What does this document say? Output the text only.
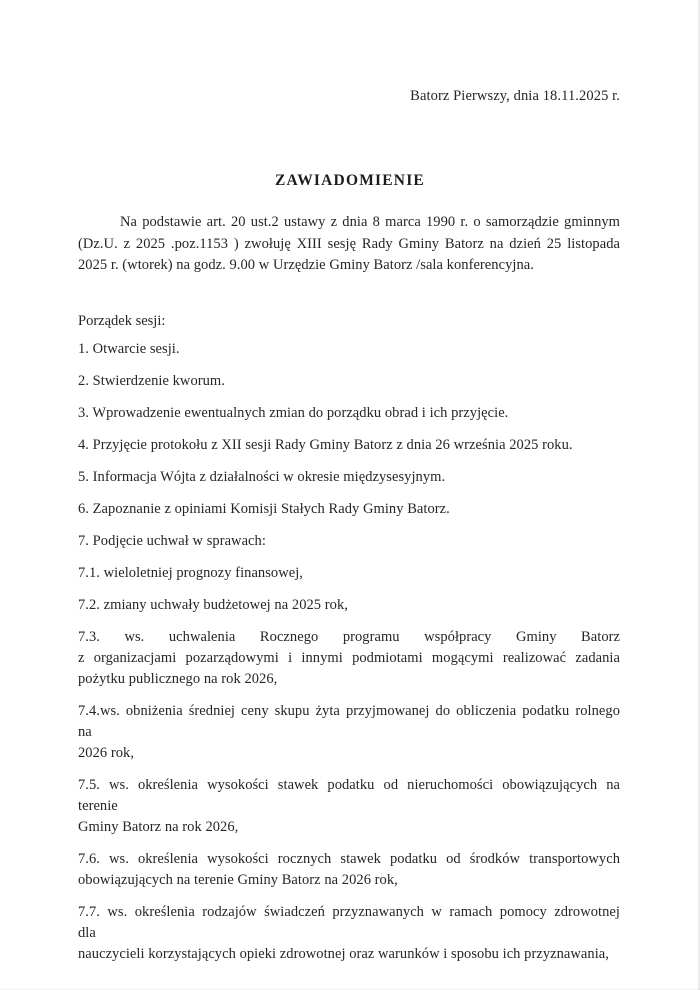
Batorz Pierwszy, dnia 18.11.2025 r.
ZAWIADOMIENIE
Na podstawie art. 20 ust.2 ustawy z dnia 8 marca 1990 r. o samorządzie gminnym (Dz.U. z 2025 .poz.1153 ) zwołuję XIII sesję Rady Gminy Batorz na dzień 25 listopada 2025 r. (wtorek) na godz. 9.00 w Urzędzie Gminy Batorz /sala konferencyjna.
Porządek sesji:
1. Otwarcie sesji.
2. Stwierdzenie kworum.
3. Wprowadzenie ewentualnych zmian do porządku obrad i ich przyjęcie.
4. Przyjęcie protokołu z XII sesji Rady Gminy Batorz z dnia 26 września 2025 roku.
5. Informacja Wójta z działalności w okresie międzysesyjnym.
6. Zapoznanie z opiniami Komisji Stałych Rady Gminy Batorz.
7. Podjęcie uchwał w sprawach:
7.1. wieloletniej prognozy finansowej,
7.2. zmiany uchwały budżetowej na 2025 rok,
7.3. ws. uchwalenia Rocznego programu współpracy Gminy Batorz
z organizacjami pozarządowymi i innymi podmiotami mogącymi realizować zadania pożytku publicznego na rok 2026,
7.4.ws. obniżenia średniej ceny skupu żyta przyjmowanej do obliczenia podatku rolnego na
2026 rok,
7.5. ws. określenia wysokości stawek podatku od nieruchomości obowiązujących na terenie
Gminy Batorz na rok 2026,
7.6. ws. określenia wysokości rocznych stawek podatku od środków transportowych
obowiązujących na terenie Gminy Batorz na 2026 rok,
7.7. ws. określenia rodzajów świadczeń przyznawanych w ramach pomocy zdrowotnej dla
nauczycieli korzystających opieki zdrowotnej oraz warunków i sposobu ich przyznawania,
